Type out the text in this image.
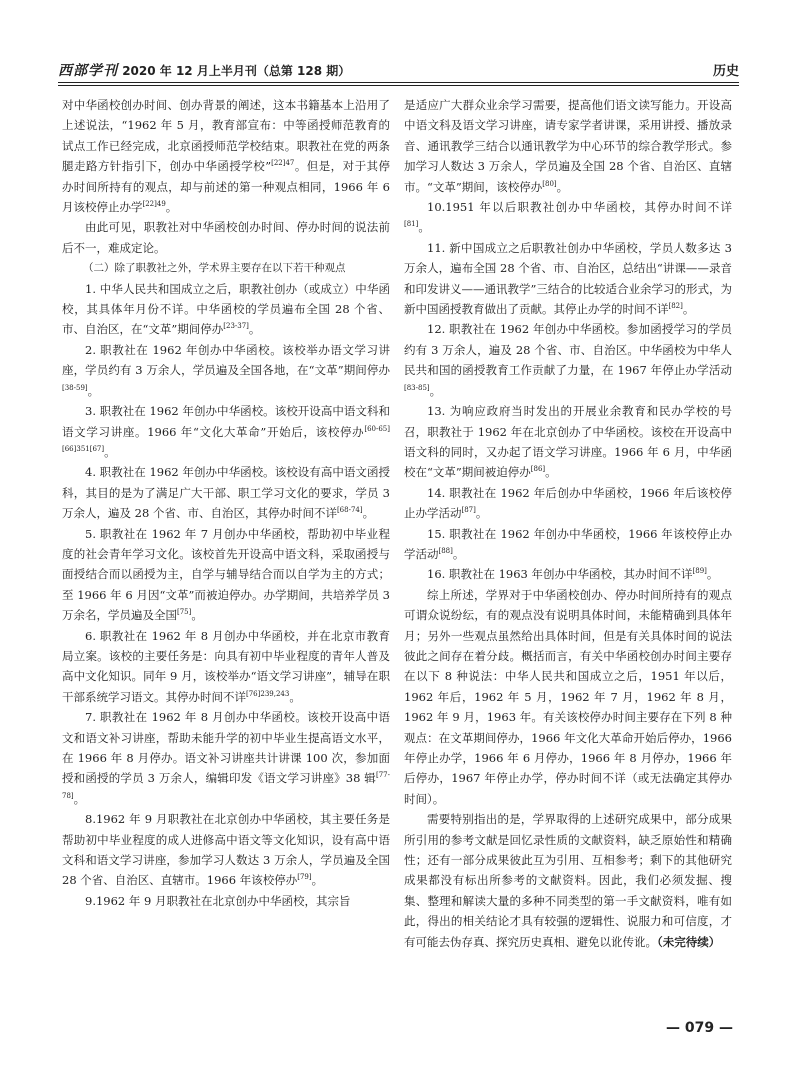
西部学刊 2020 年 12 月上半月刊（总第 128 期）	历史

对中华函校创办时间、创办背景的阐述，这本书籍基本上沿用了上述说法，“1962 年 5 月，教育部宣布：中等函授师范教育的试点工作已经完成，北京函授师范学校结束。职教社在党的两条腿走路方针指引下，创办中华函授学校”$^{[22]47}$。但是，对于其停办时间所持有的观点，却与前述的第一种观点相同，1966 年 6 月该校停止办学$^{[22]49}$。

由此可见，职教社对中华函校创办时间、停办时间的说法前后不一，难成定论。

（二）除了职教社之外，学术界主要存在以下若干种观点

1. 中华人民共和国成立之后，职教社创办（或成立）中华函校，其具体年月份不详。中华函校的学员遍布全国 28 个省、市、自治区，在“文革”期间停办[23-37]。

2. 职教社在 1962 年创办中华函校。该校举办语文学习讲座，学员约有 3 万余人，学员遍及全国各地，在“文革”期间停办[38-59]。

3. 职教社在 1962 年创办中华函校。该校开设高中语文科和语文学习讲座。1966 年“文化大革命”开始后，该校停办[60-65][66]351[67]。

4. 职教社在 1962 年创办中华函校。该校设有高中语文函授科，其目的是为了满足广大干部、职工学习文化的要求，学员 3 万余人，遍及 28 个省、市、自治区，其停办时间不详[68-74]。

5. 职教社在 1962 年 7 月创办中华函校，帮助初中毕业程度的社会青年学习文化。该校首先开设高中语文科，采取函授与面授结合而以函授为主，自学与辅导结合而以自学为主的方式；至 1966 年 6 月因“文革”而被迫停办。办学期间，共培养学员 3 万余名，学员遍及全国[75]。

6. 职教社在 1962 年 8 月创办中华函校，并在北京市教育局立案。该校的主要任务是：向具有初中毕业程度的青年人普及高中文化知识。同年 9 月，该校举办“语文学习讲座”，辅导在职干部系统学习语文。其停办时间不详$^{[76]239,243}$。

7. 职教社在 1962 年 8 月创办中华函校。该校开设高中语文和语文补习讲座，帮助未能升学的初中毕业生提高语文水平，在 1966 年 8 月停办。语文补习讲座共计讲课 100 次，参加面授和函授的学员 3 万余人，编辑印发《语文学习讲座》38 辑[77-78]。

8.1962 年 9 月职教社在北京创办中华函校，其主要任务是帮助初中毕业程度的成人进修高中语文等文化知识，设有高中语文科和语文学习讲座，参加学习人数达 3 万余人，学员遍及全国 28 个省、自治区、直辖市。1966 年该校停办[79]。

9.1962 年 9 月职教社在北京创办中华函校，其宗旨

是适应广大群众业余学习需要，提高他们语文读写能力。开设高中语文科及语文学习讲座，请专家学者讲课，采用讲授、播放录音、通讯教学三结合以通讯教学为中心环节的综合教学形式。参加学习人数达 3 万余人，学员遍及全国 28 个省、自治区、直辖市。“文革”期间，该校停办[80]。

10.1951 年以后职教社创办中华函校，其停办时间不详[81]。

11. 新中国成立之后职教社创办中华函校，学员人数多达 3 万余人，遍布全国 28 个省、市、自治区，总结出“讲课——录音和印发讲义——通讯教学”三结合的比较适合业余学习的形式，为新中国函授教育做出了贡献。其停止办学的时间不详[82]。

12. 职教社在 1962 年创办中华函校。参加函授学习的学员约有 3 万余人，遍及 28 个省、市、自治区。中华函校为中华人民共和国的函授教育工作贡献了力量，在 1967 年停止办学活动[83-85]。

13. 为响应政府当时发出的开展业余教育和民办学校的号召，职教社于 1962 年在北京创办了中华函校。该校在开设高中语文科的同时，又办起了语文学习讲座。1966 年 6 月，中华函校在“文革”期间被迫停办[86]。

14. 职教社在 1962 年后创办中华函校，1966 年后该校停止办学活动[87]。

15. 职教社在 1962 年创办中华函校，1966 年该校停止办学活动[88]。

16. 职教社在 1963 年创办中华函校，其办时间不详[89]。

综上所述，学界对于中华函校创办、停办时间所持有的观点可谓众说纷纭，有的观点没有说明具体时间，未能精确到具体年月；另外一些观点虽然给出具体时间，但是有关具体时间的说法彼此之间存在着分歧。概括而言，有关中华函校创办时间主要存在以下 8 种说法：中华人民共和国成立之后，1951 年以后，1962 年后，1962 年 5 月，1962 年 7 月，1962 年 8 月，1962 年 9 月，1963 年。有关该校停办时间主要存在下列 8 种观点：在文革期间停办，1966 年文化大革命开始后停办，1966 年停止办学，1966 年 6 月停办，1966 年 8 月停办，1966 年后停办，1967 年停止办学，停办时间不详（或无法确定其停办时间）。

需要特别指出的是，学界取得的上述研究成果中，部分成果所引用的参考文献是回忆录性质的文献资料，缺乏原始性和精确性；还有一部分成果彼此互为引用、互相参考；剩下的其他研究成果都没有标出所参考的文献资料。因此，我们必须发掘、搜集、整理和解读大量的多种不同类型的第一手文献资料，唯有如此，得出的相关结论才具有较强的逻辑性、说服力和可信度，才有可能去伪存真、探究历史真相、避免以讹传讹。（未完待续）

— 079 —
